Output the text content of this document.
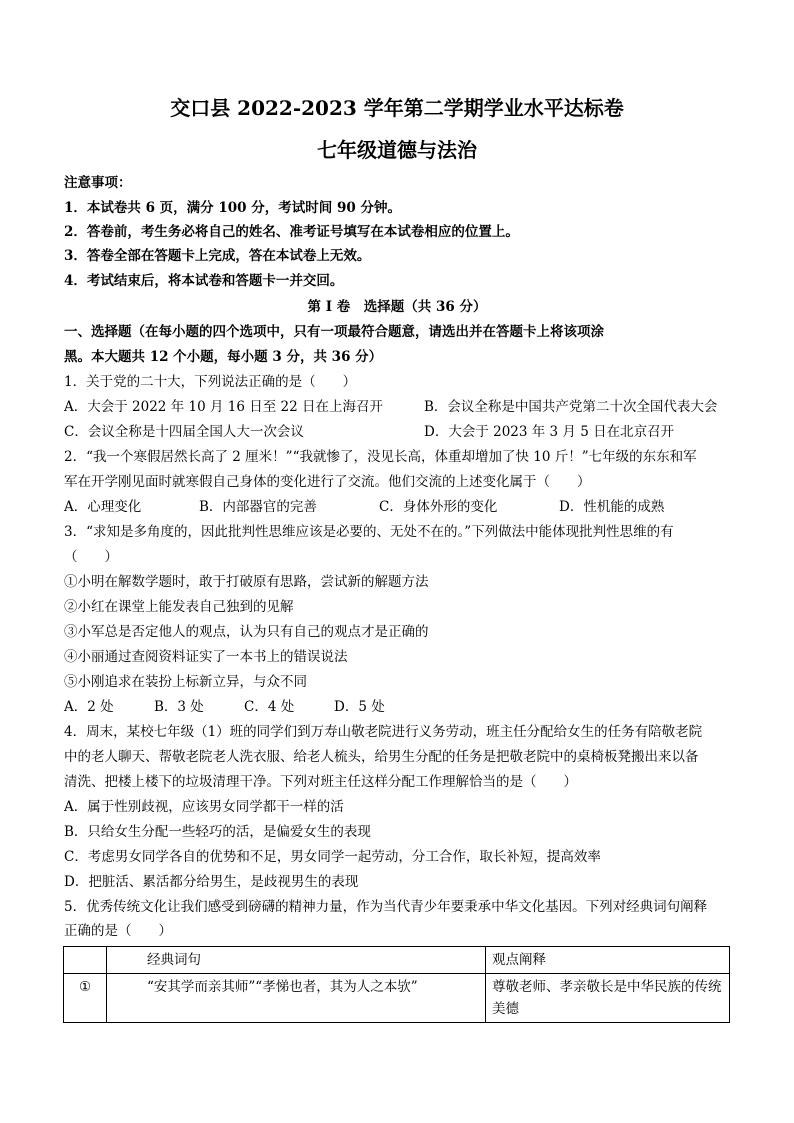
交口县 2022-2023 学年第二学期学业水平达标卷
七年级道德与法治
注意事项：
1．本试卷共 6 页，满分 100 分，考试时间 90 分钟。
2．答卷前，考生务必将自己的姓名、准考证号填写在本试卷相应的位置上。
3．答卷全部在答题卡上完成，答在本试卷上无效。
4．考试结束后，将本试卷和答题卡一并交回。
第 I 卷　选择题（共 36 分）
一、选择题（在每小题的四个选项中，只有一项最符合题意，请选出并在答题卡上将该项涂
黑。本大题共 12 个小题，每小题 3 分，共 36 分）
1．关于党的二十大，下列说法正确的是（　　）
A．大会于 2022 年 10 月 16 日至 22 日在上海召开	B．会议全称是中国共产党第二十次全国代表大会
C．会议全称是十四届全国人大一次会议	D．大会于 2023 年 3 月 5 日在北京召开
2．“我一个寒假居然长高了 2 厘米！”“我就惨了，没见长高，体重却增加了快 10 斤！”七年级的东东和军
军在开学刚见面时就寒假自己身体的变化进行了交流。他们交流的上述变化属于（　　）
A．心理变化	B．内部器官的完善	C．身体外形的变化	D．性机能的成熟
3．“求知是多角度的，因此批判性思维应该是必要的、无处不在的。”下列做法中能体现批判性思维的有
（　　）
①小明在解数学题时，敢于打破原有思路，尝试新的解题方法
②小红在课堂上能发表自己独到的见解
③小军总是否定他人的观点，认为只有自己的观点才是正确的
④小丽通过查阅资料证实了一本书上的错误说法
⑤小刚追求在装扮上标新立异，与众不同
A．2 处	B．3 处	C．4 处	D．5 处
4．周末，某校七年级（1）班的同学们到万寿山敬老院进行义务劳动，班主任分配给女生的任务有陪敬老院
中的老人聊天、帮敬老院老人洗衣服、给老人梳头，给男生分配的任务是把敬老院中的桌椅板凳搬出来以备
清洗、把楼上楼下的垃圾清理干净。下列对班主任这样分配工作理解恰当的是（　　）
A．属于性别歧视，应该男女同学都干一样的活
B．只给女生分配一些轻巧的活，是偏爱女生的表现
C．考虑男女同学各自的优势和不足，男女同学一起劳动，分工合作，取长补短，提高效率
D．把脏活、累活都分给男生，是歧视男生的表现
5．优秀传统文化让我们感受到磅礴的精神力量，作为当代青少年要秉承中华文化基因。下列对经典词句阐释
正确的是（　　）
	经典词句	观点阐释
①	“安其学而亲其师”“孝悌也者，其为人之本欤”	尊敬老师、孝亲敬长是中华民族的传统美德
